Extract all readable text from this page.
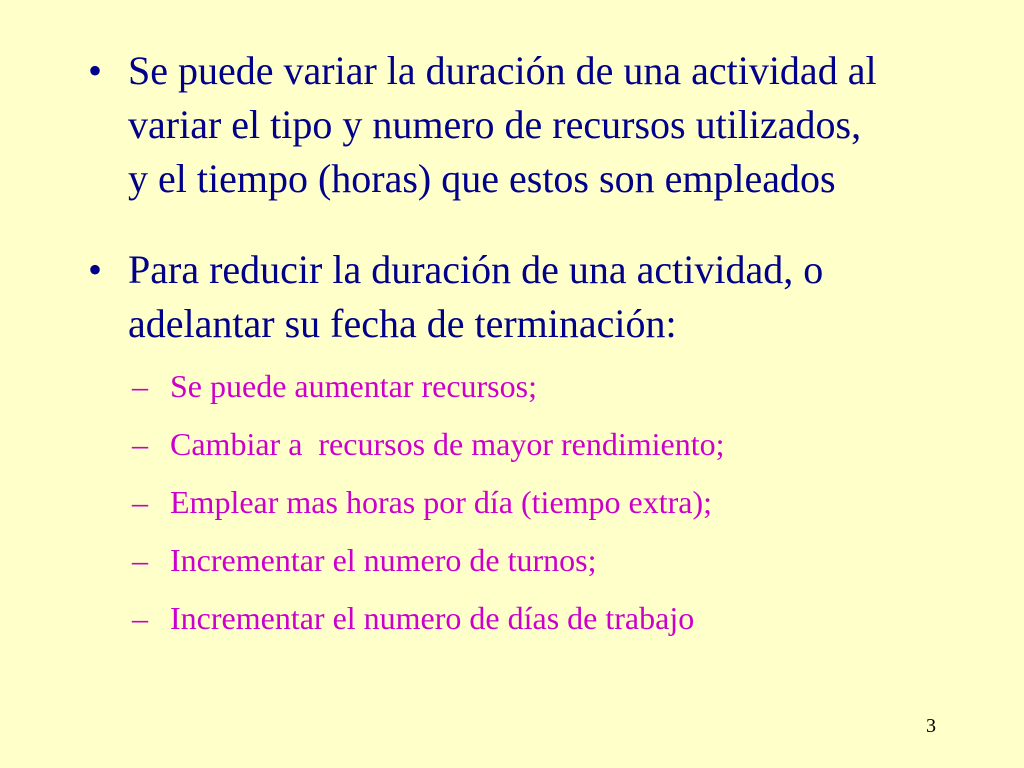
• Se puede variar la duración de una actividad al
variar el tipo y numero de recursos utilizados,
y el tiempo (horas) que estos son empleados
• Para reducir la duración de una actividad, o
adelantar su fecha de terminación:
– Se puede aumentar recursos;
– Cambiar a  recursos de mayor rendimiento;
– Emplear mas horas por día (tiempo extra);
– Incrementar el numero de turnos;
– Incrementar el numero de días de trabajo
3
